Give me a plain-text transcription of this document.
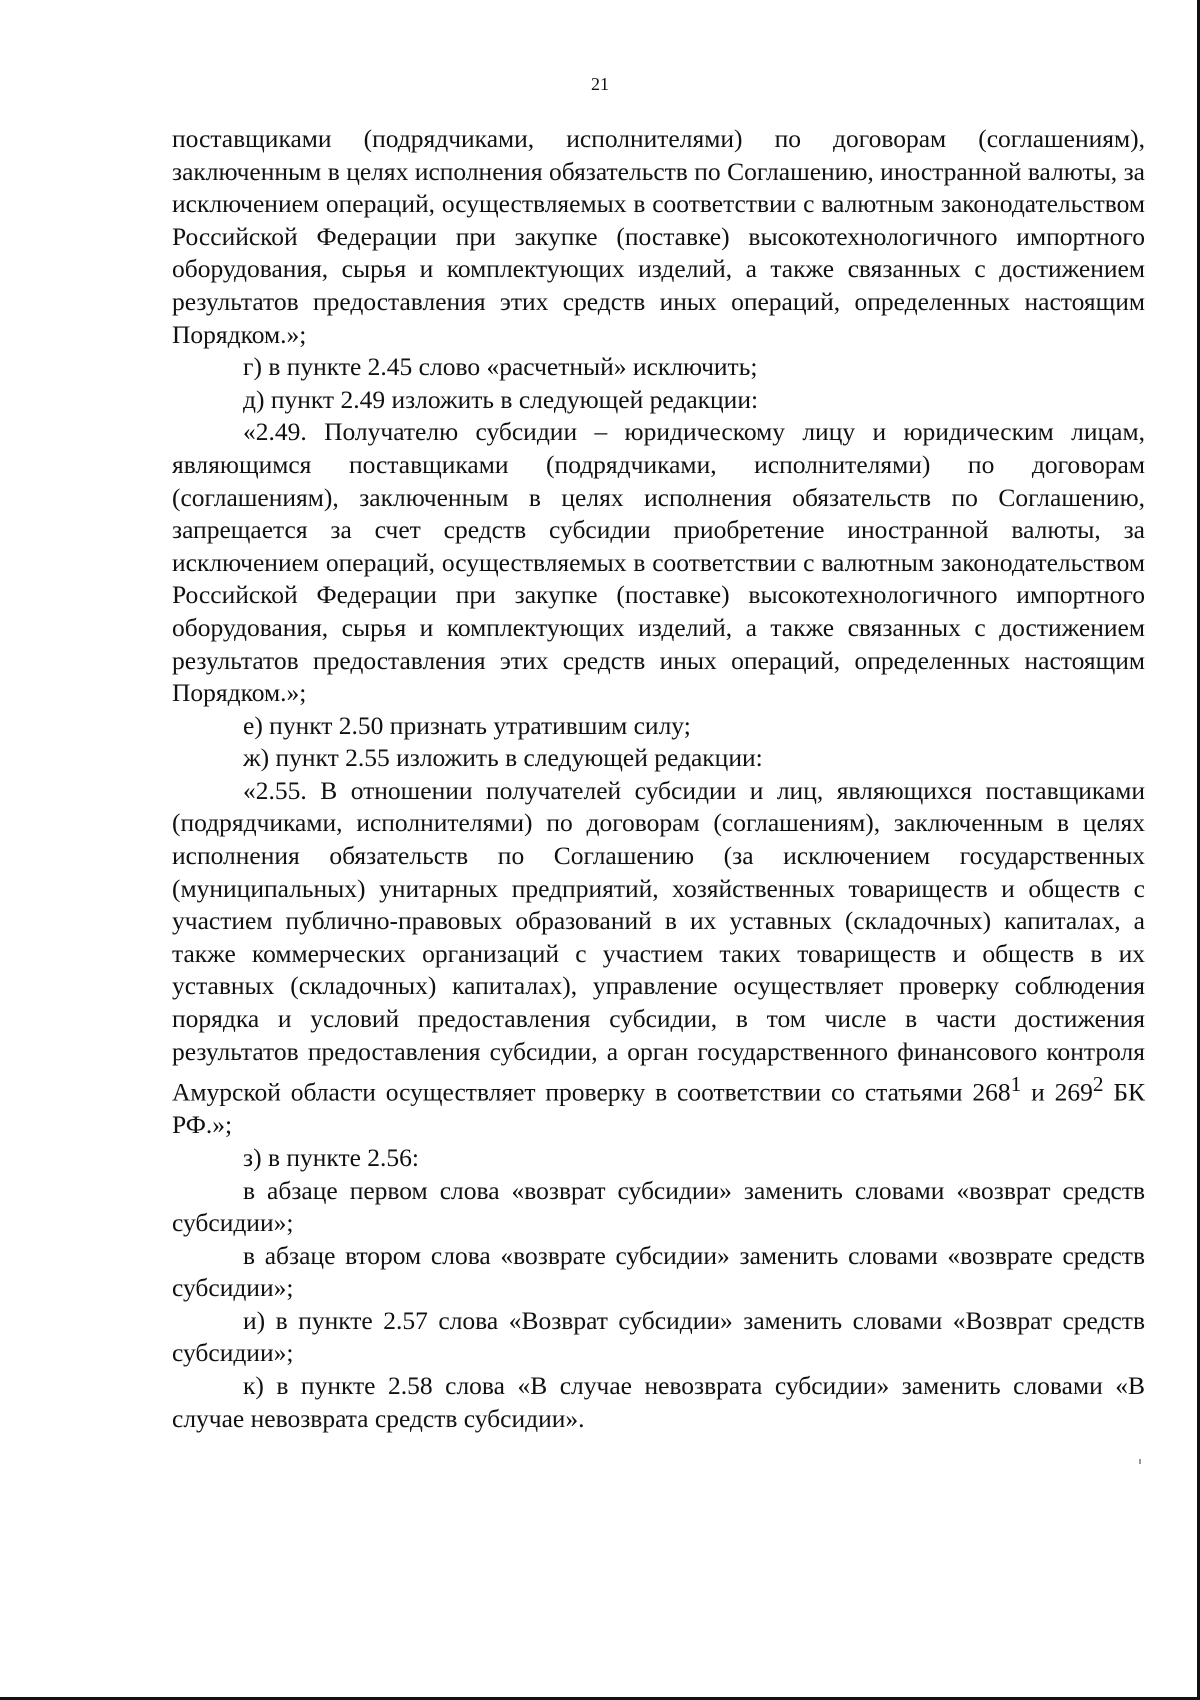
21

поставщиками (подрядчиками, исполнителями) по договорам (соглашениям), заключенным в целях исполнения обязательств по Соглашению, иностранной валюты, за исключением операций, осуществляемых в соответствии с валютным законодательством Российской Федерации при закупке (поставке) высокотехнологичного импортного оборудования, сырья и комплектующих изделий, а также связанных с достижением результатов предоставления этих средств иных операций, определенных настоящим Порядком.»;

г) в пункте 2.45 слово «расчетный» исключить;

д) пункт 2.49 изложить в следующей редакции:

«2.49. Получателю субсидии – юридическому лицу и юридическим лицам, являющимся поставщиками (подрядчиками, исполнителями) по договорам (соглашениям), заключенным в целях исполнения обязательств по Соглашению, запрещается за счет средств субсидии приобретение иностранной валюты, за исключением операций, осуществляемых в соответствии с валютным законодательством Российской Федерации при закупке (поставке) высокотехнологичного импортного оборудования, сырья и комплектующих изделий, а также связанных с достижением результатов предоставления этих средств иных операций, определенных настоящим Порядком.»;

е) пункт 2.50 признать утратившим силу;

ж) пункт 2.55 изложить в следующей редакции:

«2.55. В отношении получателей субсидии и лиц, являющихся поставщиками (подрядчиками, исполнителями) по договорам (соглашениям), заключенным в целях исполнения обязательств по Соглашению (за исключением государственных (муниципальных) унитарных предприятий, хозяйственных товариществ и обществ с участием публично-правовых образований в их уставных (складочных) капиталах, а также коммерческих организаций с участием таких товариществ и обществ в их уставных (складочных) капиталах), управление осуществляет проверку соблюдения порядка и условий предоставления субсидии, в том числе в части достижения результатов предоставления субсидии, а орган государственного финансового контроля Амурской области осуществляет проверку в соответствии со статьями $268^1$ и $269^2$ БК РФ.»;

з) в пункте 2.56:

в абзаце первом слова «возврат субсидии» заменить словами «возврат средств субсидии»;

в абзаце втором слова «возврате субсидии» заменить словами «возврате средств субсидии»;

и) в пункте 2.57 слова «Возврат субсидии» заменить словами «Возврат средств субсидии»;

к) в пункте 2.58 слова «В случае невозврата субсидии» заменить словами «В случае невозврата средств субсидии».
